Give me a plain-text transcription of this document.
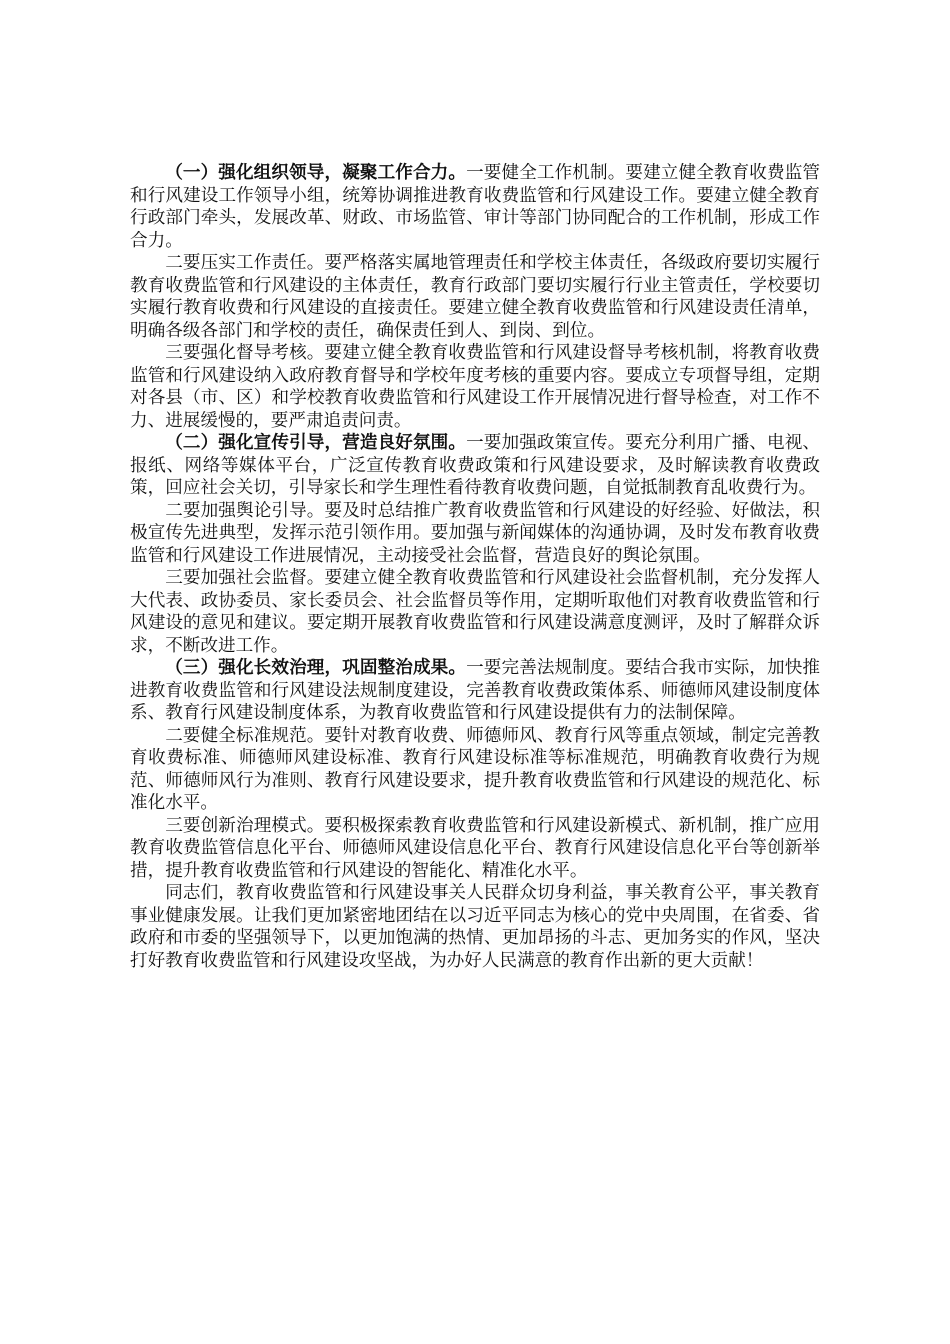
（一）强化组织领导，凝聚工作合力。一要健全工作机制。要建立健全教育收费监管和行风建设工作领导小组，统筹协调推进教育收费监管和行风建设工作。要建立健全教育行政部门牵头，发展改革、财政、市场监管、审计等部门协同配合的工作机制，形成工作合力。

二要压实工作责任。要严格落实属地管理责任和学校主体责任，各级政府要切实履行教育收费监管和行风建设的主体责任，教育行政部门要切实履行行业主管责任，学校要切实履行教育收费和行风建设的直接责任。要建立健全教育收费监管和行风建设责任清单，明确各级各部门和学校的责任，确保责任到人、到岗、到位。

三要强化督导考核。要建立健全教育收费监管和行风建设督导考核机制，将教育收费监管和行风建设纳入政府教育督导和学校年度考核的重要内容。要成立专项督导组，定期对各县（市、区）和学校教育收费监管和行风建设工作开展情况进行督导检查，对工作不力、进展缓慢的，要严肃追责问责。

（二）强化宣传引导，营造良好氛围。一要加强政策宣传。要充分利用广播、电视、报纸、网络等媒体平台，广泛宣传教育收费政策和行风建设要求，及时解读教育收费政策，回应社会关切，引导家长和学生理性看待教育收费问题，自觉抵制教育乱收费行为。

二要加强舆论引导。要及时总结推广教育收费监管和行风建设的好经验、好做法，积极宣传先进典型，发挥示范引领作用。要加强与新闻媒体的沟通协调，及时发布教育收费监管和行风建设工作进展情况，主动接受社会监督，营造良好的舆论氛围。

三要加强社会监督。要建立健全教育收费监管和行风建设社会监督机制，充分发挥人大代表、政协委员、家长委员会、社会监督员等作用，定期听取他们对教育收费监管和行风建设的意见和建议。要定期开展教育收费监管和行风建设满意度测评，及时了解群众诉求，不断改进工作。

（三）强化长效治理，巩固整治成果。一要完善法规制度。要结合我市实际，加快推进教育收费监管和行风建设法规制度建设，完善教育收费政策体系、师德师风建设制度体系、教育行风建设制度体系，为教育收费监管和行风建设提供有力的法制保障。

二要健全标准规范。要针对教育收费、师德师风、教育行风等重点领域，制定完善教育收费标准、师德师风建设标准、教育行风建设标准等标准规范，明确教育收费行为规范、师德师风行为准则、教育行风建设要求，提升教育收费监管和行风建设的规范化、标准化水平。

三要创新治理模式。要积极探索教育收费监管和行风建设新模式、新机制，推广应用教育收费监管信息化平台、师德师风建设信息化平台、教育行风建设信息化平台等创新举措，提升教育收费监管和行风建设的智能化、精准化水平。

同志们，教育收费监管和行风建设事关人民群众切身利益，事关教育公平，事关教育事业健康发展。让我们更加紧密地团结在以习近平同志为核心的党中央周围，在省委、省政府和市委的坚强领导下，以更加饱满的热情、更加昂扬的斗志、更加务实的作风，坚决打好教育收费监管和行风建设攻坚战，为办好人民满意的教育作出新的更大贡献！
